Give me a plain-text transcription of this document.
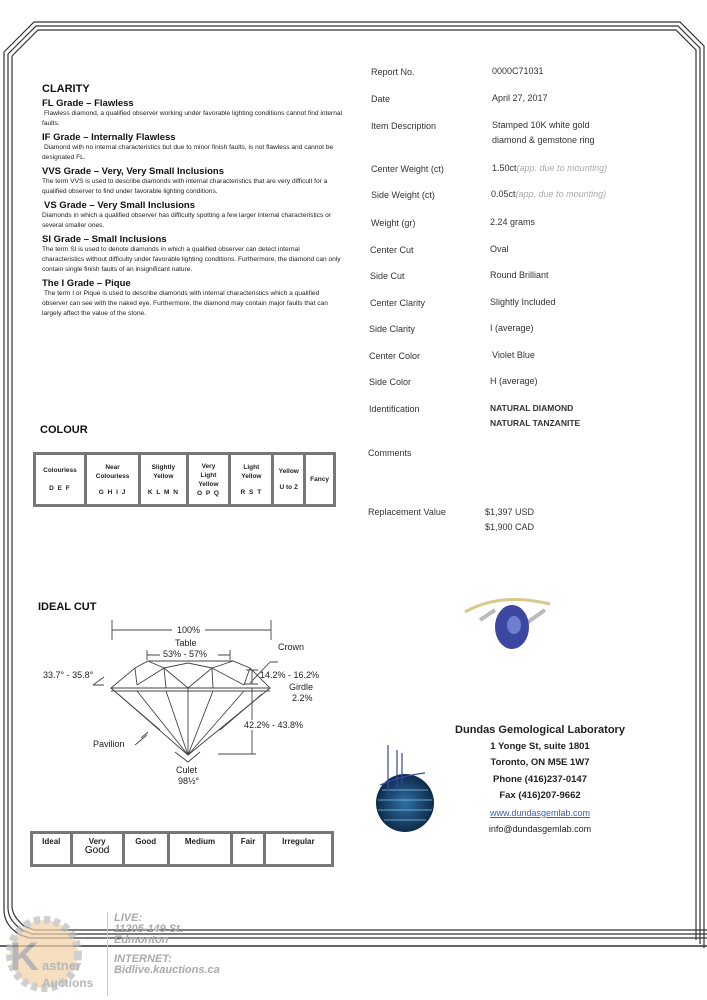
CLARITY
FL Grade – Flawless
Flawless diamond, a qualified observer working under favorable lighting conditions cannot find internal faults.
IF Grade – Internally Flawless
Diamond with no internal characteristics but due to minor finish faults, is not flawless and cannot be designated FL.
VVS Grade – Very, Very Small Inclusions
The term VVS is used to describe diamonds with internal characteristics that are very difficult for a qualified observer to find under favorable lighting conditions.
VS Grade – Very Small Inclusions
Diamonds in which a qualified observer has difficulty spotting a few larger internal characteristics or several smaller ones.
SI Grade – Small Inclusions
The term SI is used to denote diamonds in which a qualified observer can detect internal characteristics without difficulty under favorable lighting conditions. Furthermore, the diamond can only contain single finish faults of an insignificant nature.
The I Grade – Pique
The term I or Pique is used to describe diamonds with internal characteristics which a qualified observer can see with the naked eye. Furthermore, the diamond may contain major faults that can largely affect the value of the stone.
COLOUR
Colourless
D E F

Near Colourless
G H I J

Slightly Yellow
K L M N

Very Light Yellow
O P Q

Light Yellow
R S T

Yellow
U to Z

Fancy
IDEAL CUT
100%
Table
53% - 57%
Crown
33.7° - 35.8°	14.2% - 16.2%
Girdle
2.2%
42.2% - 43.8%
Pavilion
Culet
98½°
Ideal	Very
Good
	Good	Medium	Fair	Irregular
Report No.	0000C71031
Date	April 27, 2017
Item Description	Stamped 10K white gold
diamond & gemstone ring
Center Weight (ct)	1.50ct(app. due to mounting)
Side Weight (ct)	0.05ct(app. due to mounting)
Weight (gr)	2.24 grams
Center Cut	Oval
Side Cut	Round Brilliant
Center Clarity	Slightly Included
Side Clarity	I (average)
Center Color	Violet Blue
Side Color	H (average)
Identification	NATURAL DIAMOND
NATURAL TANZANITE
Comments
Replacement Value	$1,397 USD
$1,900 CAD
Dundas Gemological Laboratory
1 Yonge St, suite 1801
Toronto, ON M5E 1W7
Phone (416)237-0147
Fax (416)207-9662
www.dundasgemlab.com
info@dundasgemlab.com
K astner
Auctions
LIVE:
11205-149 St.
Edmonton
INTERNET:
Bidlive.kauctions.ca
